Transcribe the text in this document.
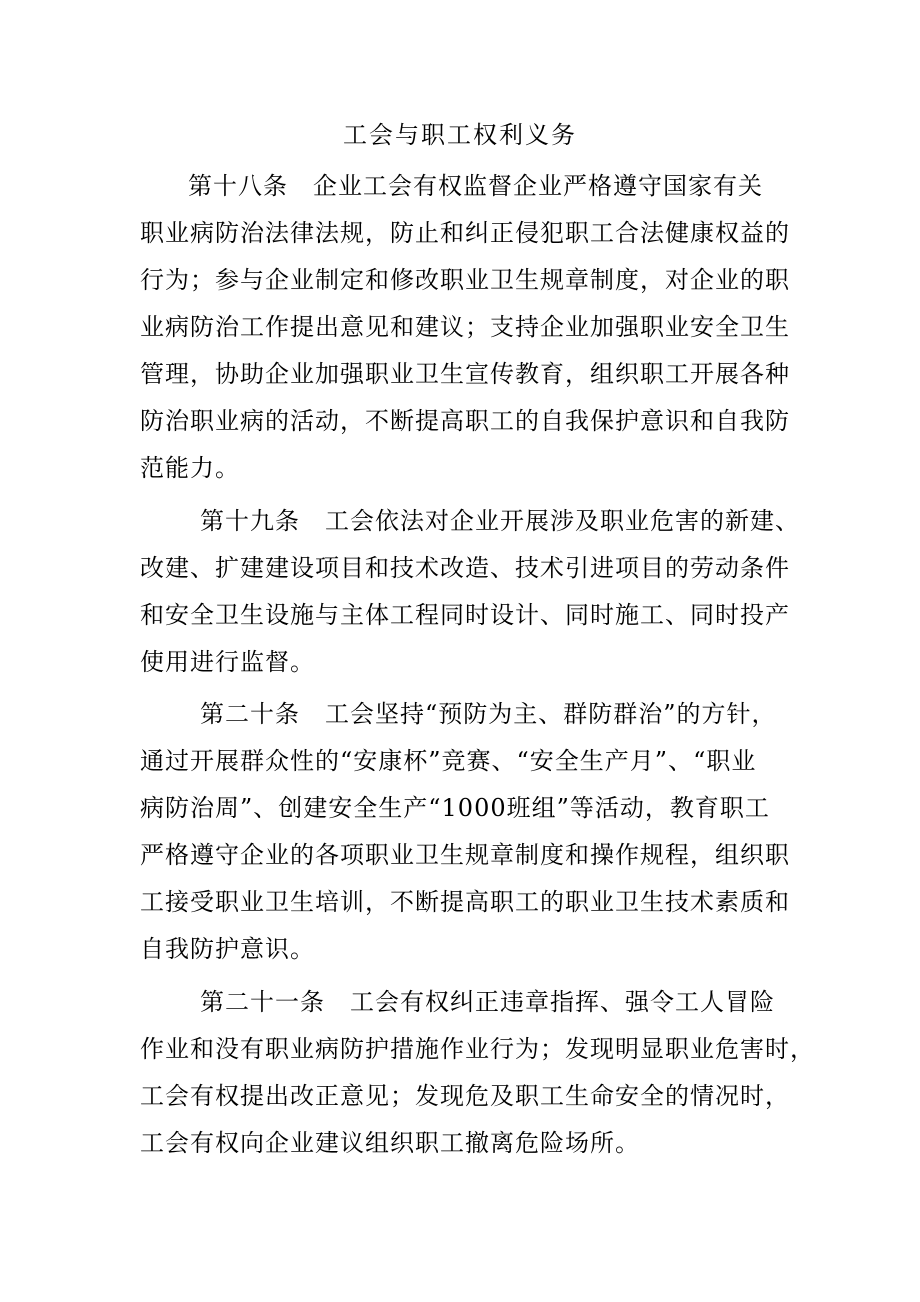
工会与职工权利义务
第十八条　企业工会有权监督企业严格遵守国家有关
职业病防治法律法规，防止和纠正侵犯职工合法健康权益的
行为；参与企业制定和修改职业卫生规章制度，对企业的职
业病防治工作提出意见和建议；支持企业加强职业安全卫生
管理，协助企业加强职业卫生宣传教育，组织职工开展各种
防治职业病的活动，不断提高职工的自我保护意识和自我防
范能力。
第十九条　工会依法对企业开展涉及职业危害的新建、
改建、扩建建设项目和技术改造、技术引进项目的劳动条件
和安全卫生设施与主体工程同时设计、同时施工、同时投产
使用进行监督。
第二十条　工会坚持“预防为主、群防群治”的方针，
通过开展群众性的“安康杯”竞赛、“安全生产月”、“职业
病防治周”、创建安全生产“1000班组”等活动，教育职工
严格遵守企业的各项职业卫生规章制度和操作规程，组织职
工接受职业卫生培训，不断提高职工的职业卫生技术素质和
自我防护意识。
第二十一条　工会有权纠正违章指挥、强令工人冒险
作业和没有职业病防护措施作业行为；发现明显职业危害时，
工会有权提出改正意见；发现危及职工生命安全的情况时，
工会有权向企业建议组织职工撤离危险场所。
